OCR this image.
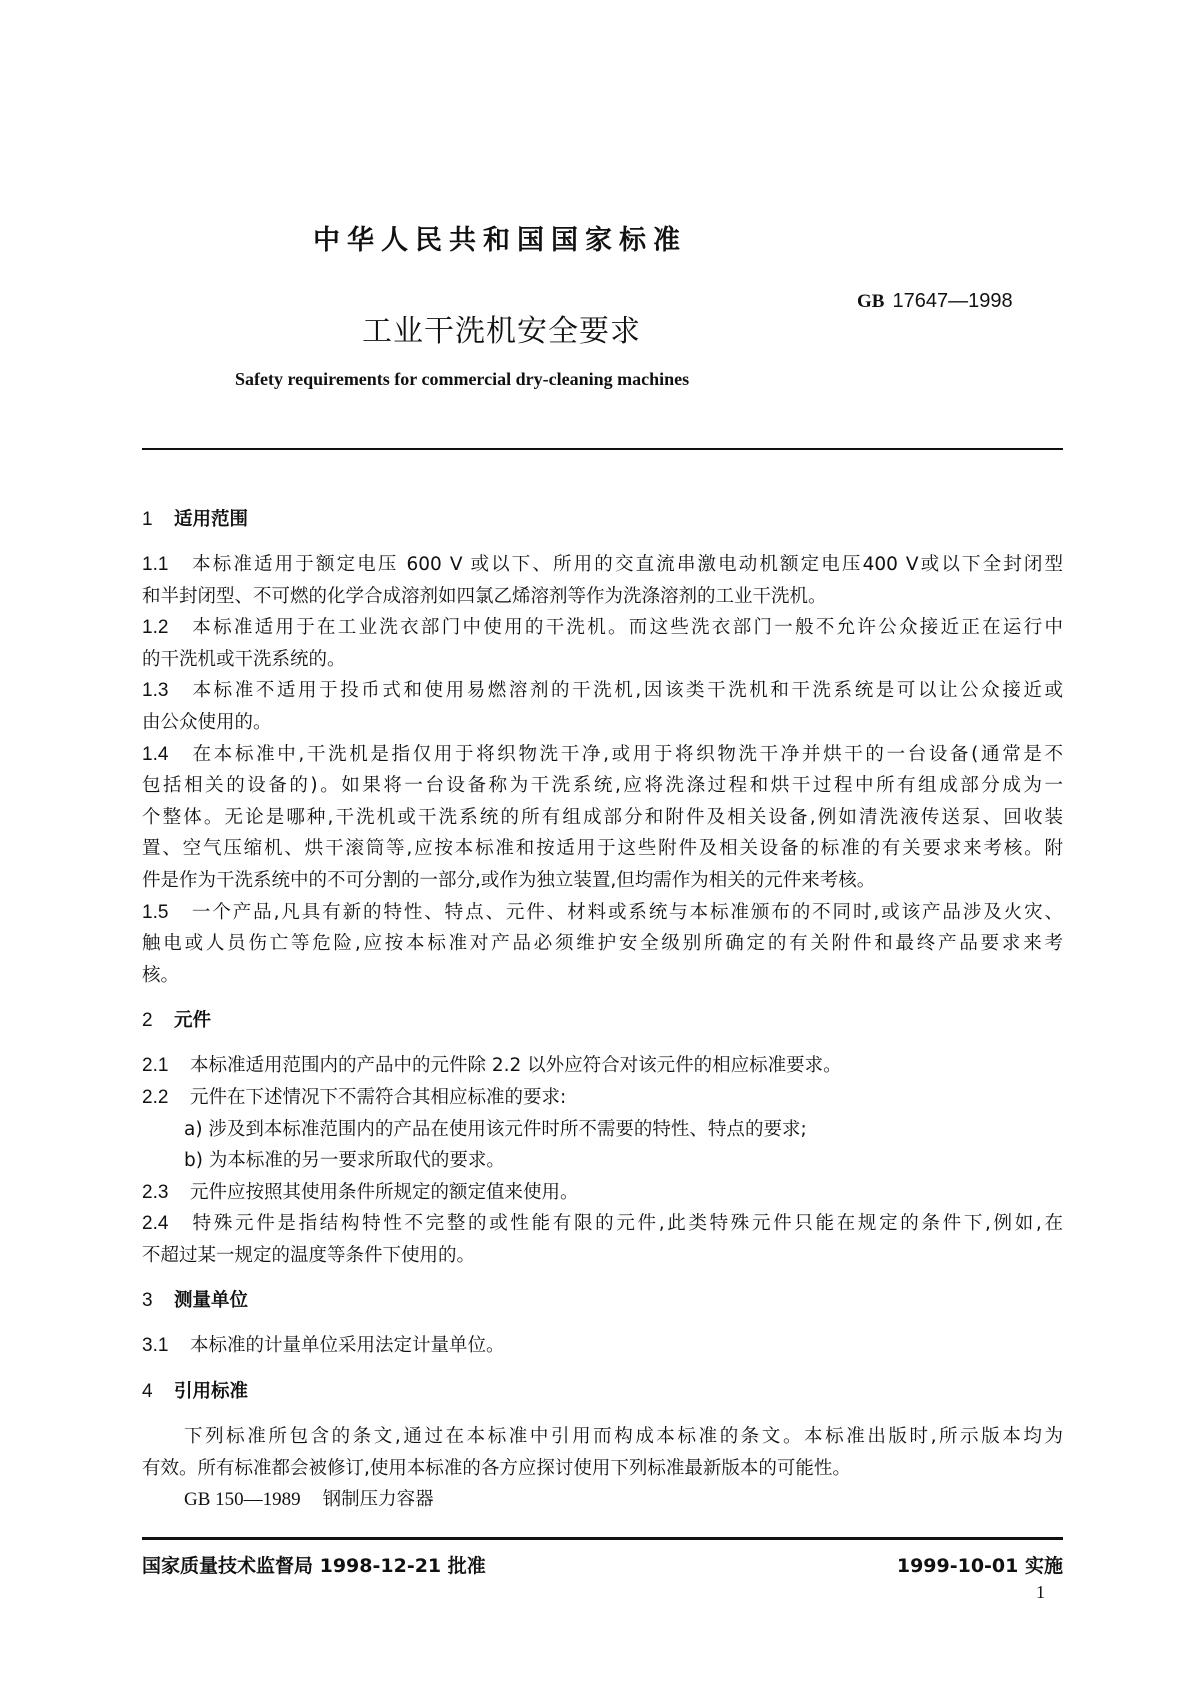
中华人民共和国国家标准
GB 17647—1998
工业干洗机安全要求
Safety requirements for commercial dry-cleaning machines
1 适用范围
1.1 本标准适用于额定电压 600 V 或以下、所用的交直流串激电动机额定电压400 V或以下全封闭型
和半封闭型、不可燃的化学合成溶剂如四氯乙烯溶剂等作为洗涤溶剂的工业干洗机。
1.2 本标准适用于在工业洗衣部门中使用的干洗机。而这些洗衣部门一般不允许公众接近正在运行中
的干洗机或干洗系统的。
1.3 本标准不适用于投币式和使用易燃溶剂的干洗机,因该类干洗机和干洗系统是可以让公众接近或
由公众使用的。
1.4 在本标准中,干洗机是指仅用于将织物洗干净,或用于将织物洗干净并烘干的一台设备(通常是不
包括相关的设备的)。如果将一台设备称为干洗系统,应将洗涤过程和烘干过程中所有组成部分成为一
个整体。无论是哪种,干洗机或干洗系统的所有组成部分和附件及相关设备,例如清洗液传送泵、回收装
置、空气压缩机、烘干滚筒等,应按本标准和按适用于这些附件及相关设备的标准的有关要求来考核。附
件是作为干洗系统中的不可分割的一部分,或作为独立装置,但均需作为相关的元件来考核。
1.5 一个产品,凡具有新的特性、特点、元件、材料或系统与本标准颁布的不同时,或该产品涉及火灾、
触电或人员伤亡等危险,应按本标准对产品必须维护安全级别所确定的有关附件和最终产品要求来考
核。
2 元件
2.1 本标准适用范围内的产品中的元件除 2.2 以外应符合对该元件的相应标准要求。
2.2 元件在下述情况下不需符合其相应标准的要求:
a) 涉及到本标准范围内的产品在使用该元件时所不需要的特性、特点的要求;
b) 为本标准的另一要求所取代的要求。
2.3 元件应按照其使用条件所规定的额定值来使用。
2.4 特殊元件是指结构特性不完整的或性能有限的元件,此类特殊元件只能在规定的条件下,例如,在
不超过某一规定的温度等条件下使用的。
3 测量单位
3.1 本标准的计量单位采用法定计量单位。
4 引用标准
下列标准所包含的条文,通过在本标准中引用而构成本标准的条文。本标准出版时,所示版本均为
有效。所有标准都会被修订,使用本标准的各方应探讨使用下列标准最新版本的可能性。
GB 150—1989 钢制压力容器
国家质量技术监督局 1998-12-21 批准	1999-10-01 实施
1
